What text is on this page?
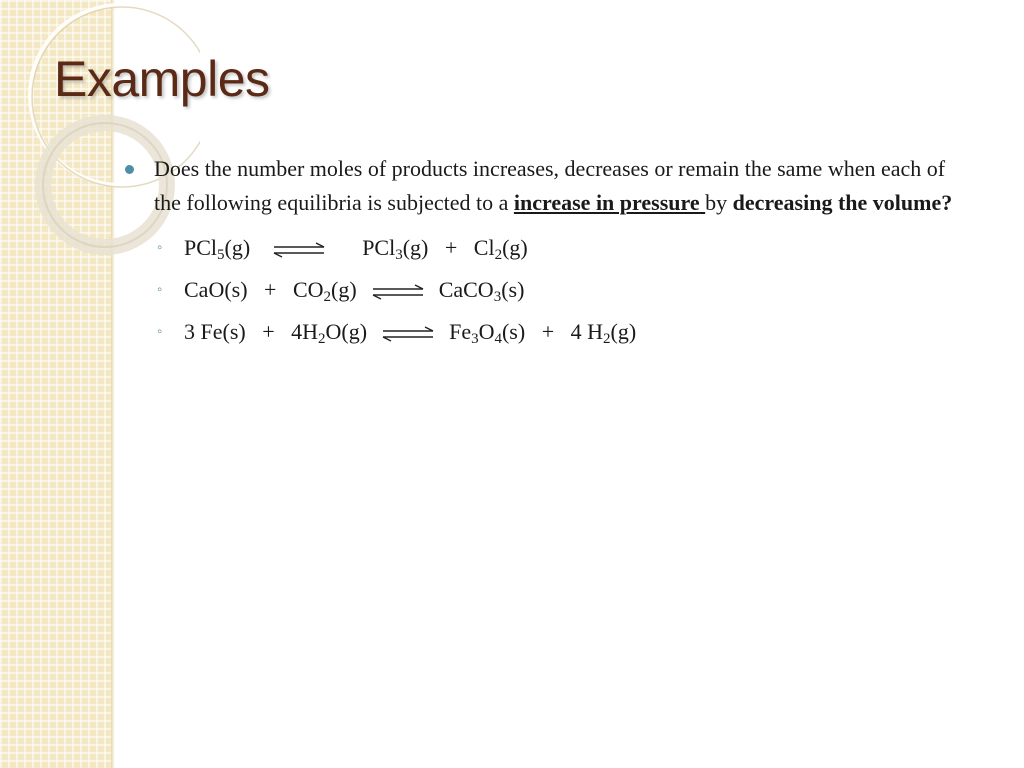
Examples
Does the number moles of products increases, decreases or remain the same when each of the following equilibria is subjected to a increase in pressure by decreasing the volume?
◦ PCl$_5$(g) ⇌ $PCl_3(g) + Cl_2(g)$
◦ $CaO(s) + CO_2(g)$ ⇌ CaCO$_3$(s)
◦ 3 $Fe(s) + 4H_2O(g)$ ⇌ $Fe_3O_4(s) + 4$ $H_2(g)$
